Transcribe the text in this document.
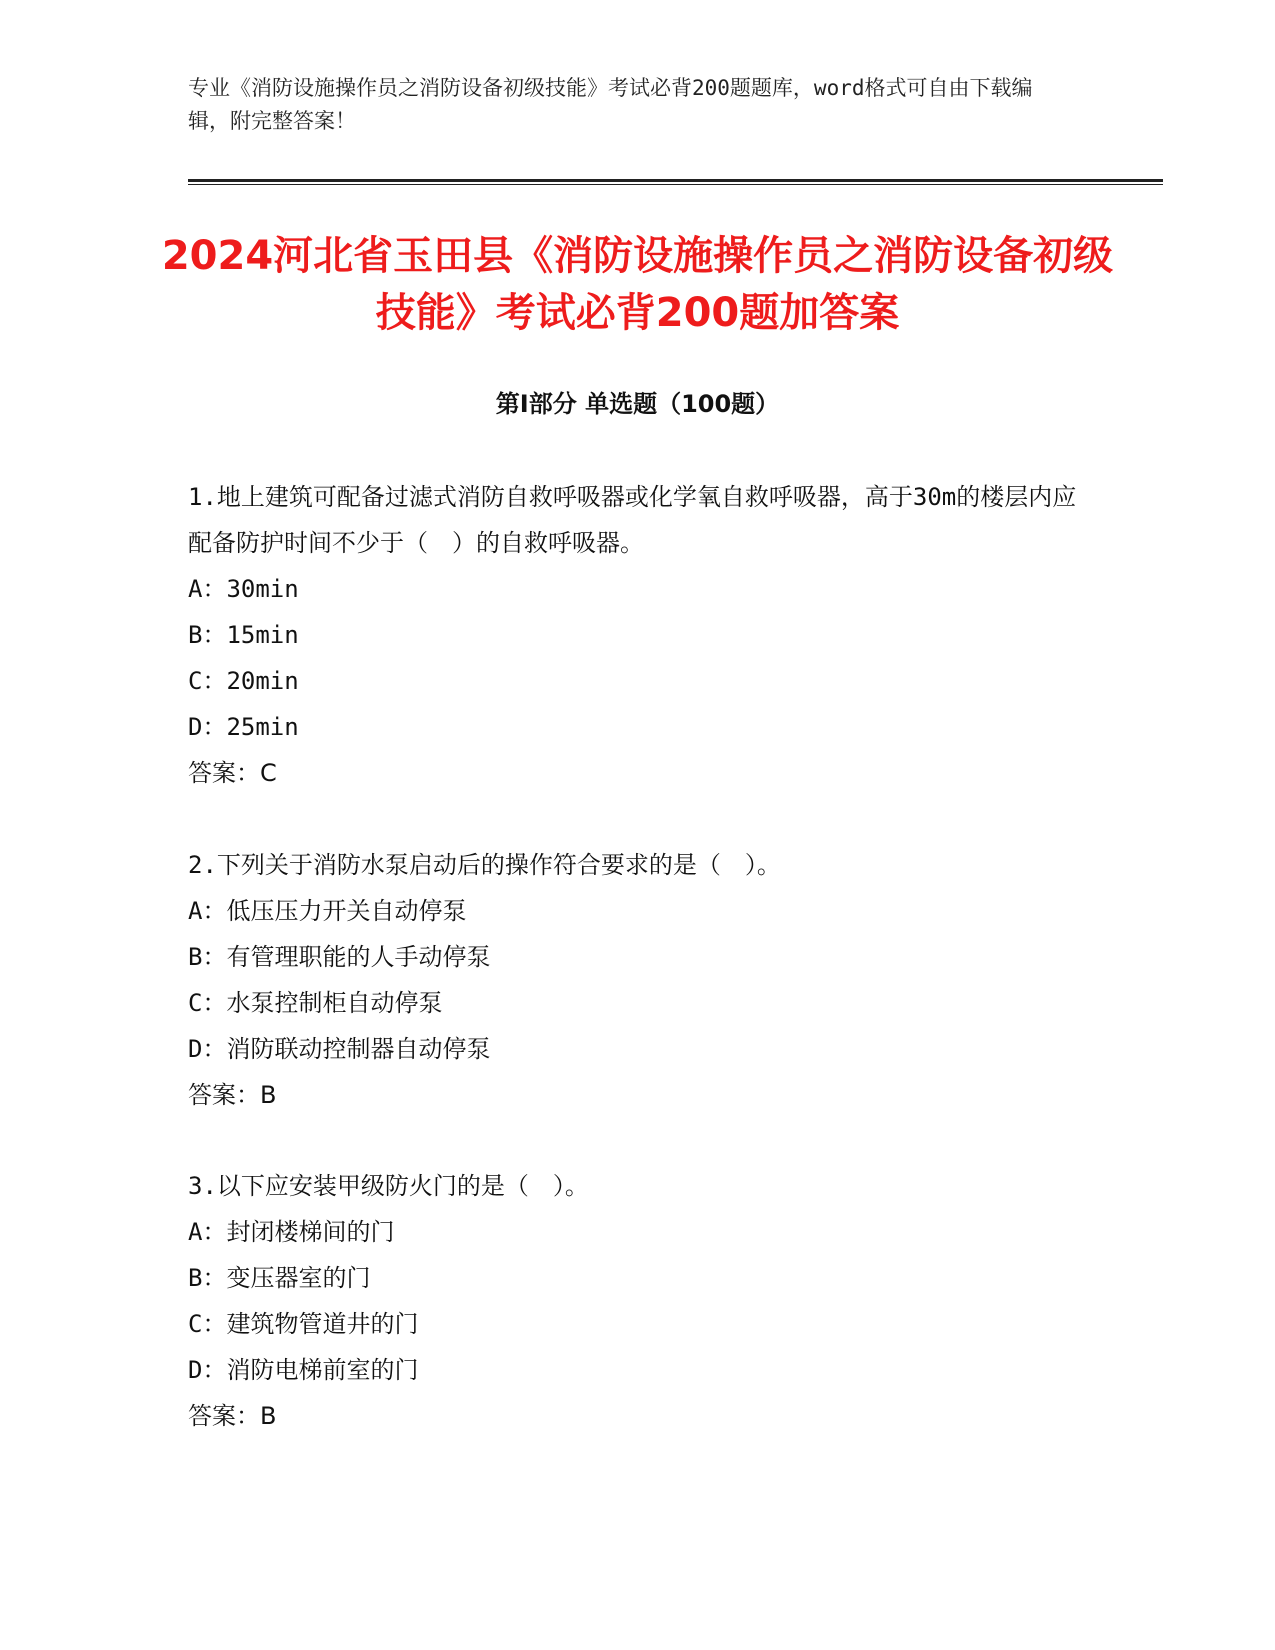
专业《消防设施操作员之消防设备初级技能》考试必背200题题库，word格式可自由下载编辑，附完整答案！
2024河北省玉田县《消防设施操作员之消防设备初级技能》考试必背200题加答案
第I部分 单选题（100题）
1.地上建筑可配备过滤式消防自救呼吸器或化学氧自救呼吸器，高于30m的楼层内应配备防护时间不少于（　）的自救呼吸器。
A：30min
B：15min
C：20min
D：25min
答案：C
2.下列关于消防水泵启动后的操作符合要求的是（　）。
A：低压压力开关自动停泵
B：有管理职能的人手动停泵
C：水泵控制柜自动停泵
D：消防联动控制器自动停泵
答案：B
3.以下应安装甲级防火门的是（　）。
A：封闭楼梯间的门
B：变压器室的门
C：建筑物管道井的门
D：消防电梯前室的门
答案：B
